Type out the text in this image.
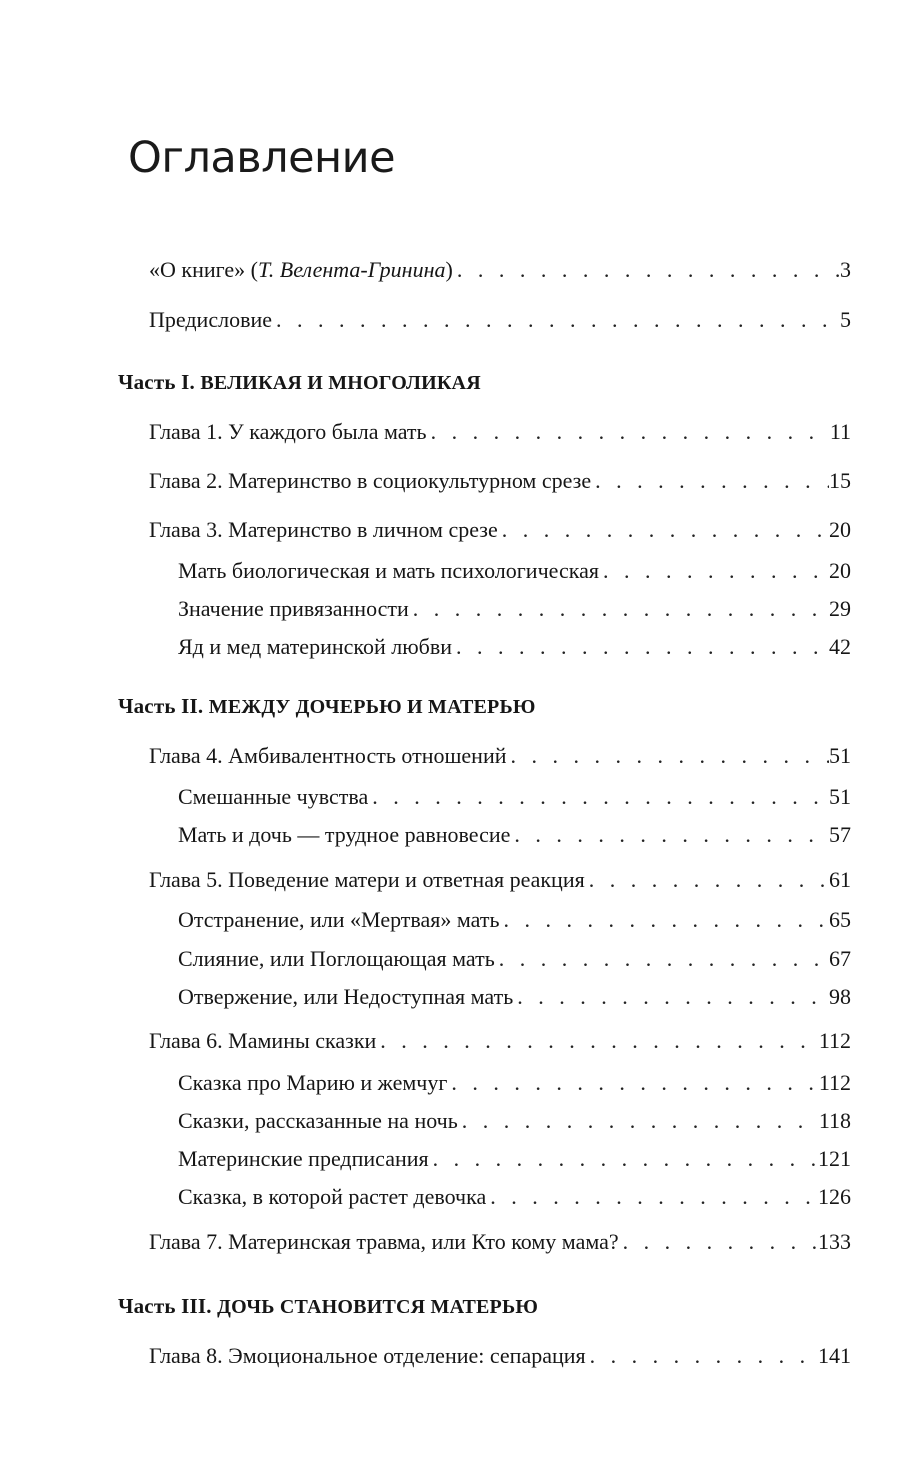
Оглавление
«О книге» (Т. Велента-Гринина) . . .	3
Предисловие . . .	5
Часть I. ВЕЛИКАЯ И МНОГОЛИКАЯ
Глава 1. У каждого была мать . . .	11
Глава 2. Материнство в социокультурном срезе . . .	15
Глава 3. Материнство в личном срезе . . .	20
Мать биологическая и мать психологическая . . .	20
Значение привязанности . . .	29
Яд и мед материнской любви . . .	42
Часть II. МЕЖДУ ДОЧЕРЬЮ И МАТЕРЬЮ
Глава 4. Амбивалентность отношений . . .	51
Смешанные чувства . . .	51
Мать и дочь — трудное равновесие . . .	57
Глава 5. Поведение матери и ответная реакция . . .	61
Отстранение, или «Мертвая» мать . . .	65
Слияние, или Поглощающая мать . . .	67
Отвержение, или Недоступная мать . . .	98
Глава 6. Мамины сказки . . .	112
Сказка про Марию и жемчуг . . .	112
Сказки, рассказанные на ночь . . .	118
Материнские предписания . . .	121
Сказка, в которой растет девочка . . .	126
Глава 7. Материнская травма, или Кто кому мама? . . .	133
Часть III. ДОЧЬ СТАНОВИТСЯ МАТЕРЬЮ
Глава 8. Эмоциональное отделение: сепарация . . .	141
